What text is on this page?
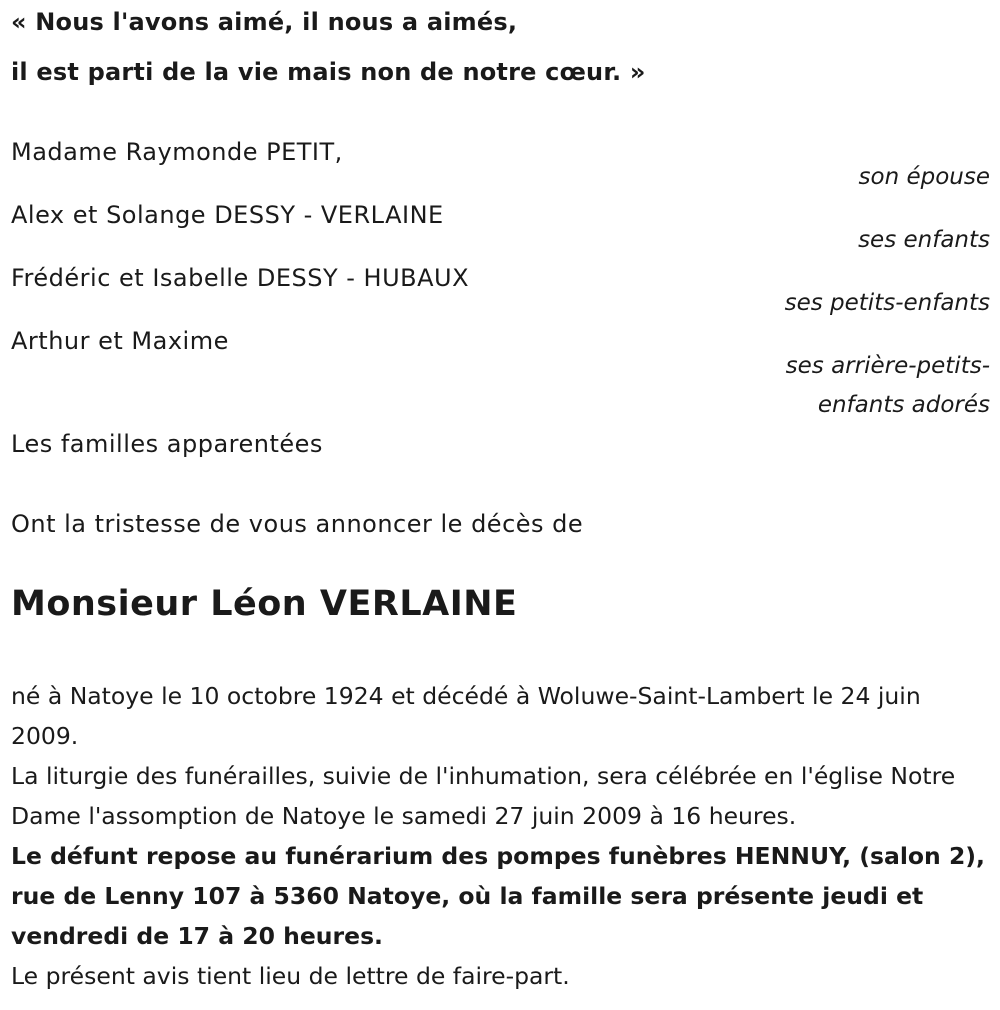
« Nous l'avons aimé, il nous a aimés,
il est parti de la vie mais non de notre cœur. »
Madame Raymonde PETIT,
son épouse
Alex et Solange DESSY - VERLAINE
ses enfants
Frédéric et Isabelle DESSY - HUBAUX
ses petits-enfants
Arthur et Maxime
ses arrière-petits-
enfants adorés
Les familles apparentées
Ont la tristesse de vous annoncer le décès de
Monsieur Léon VERLAINE

né à Natoye le 10 octobre 1924 et décédé à Woluwe-Saint-Lambert le 24 juin 2009.

La liturgie des funérailles, suivie de l'inhumation, sera célébrée en l'église Notre Dame l'assomption de Natoye le samedi 27 juin 2009 à 16 heures.

Le défunt repose au funérarium des pompes funèbres HENNUY, (salon 2), rue de Lenny 107 à 5360 Natoye, où la famille sera présente jeudi et vendredi de 17 à 20 heures.

Le présent avis tient lieu de lettre de faire-part.
